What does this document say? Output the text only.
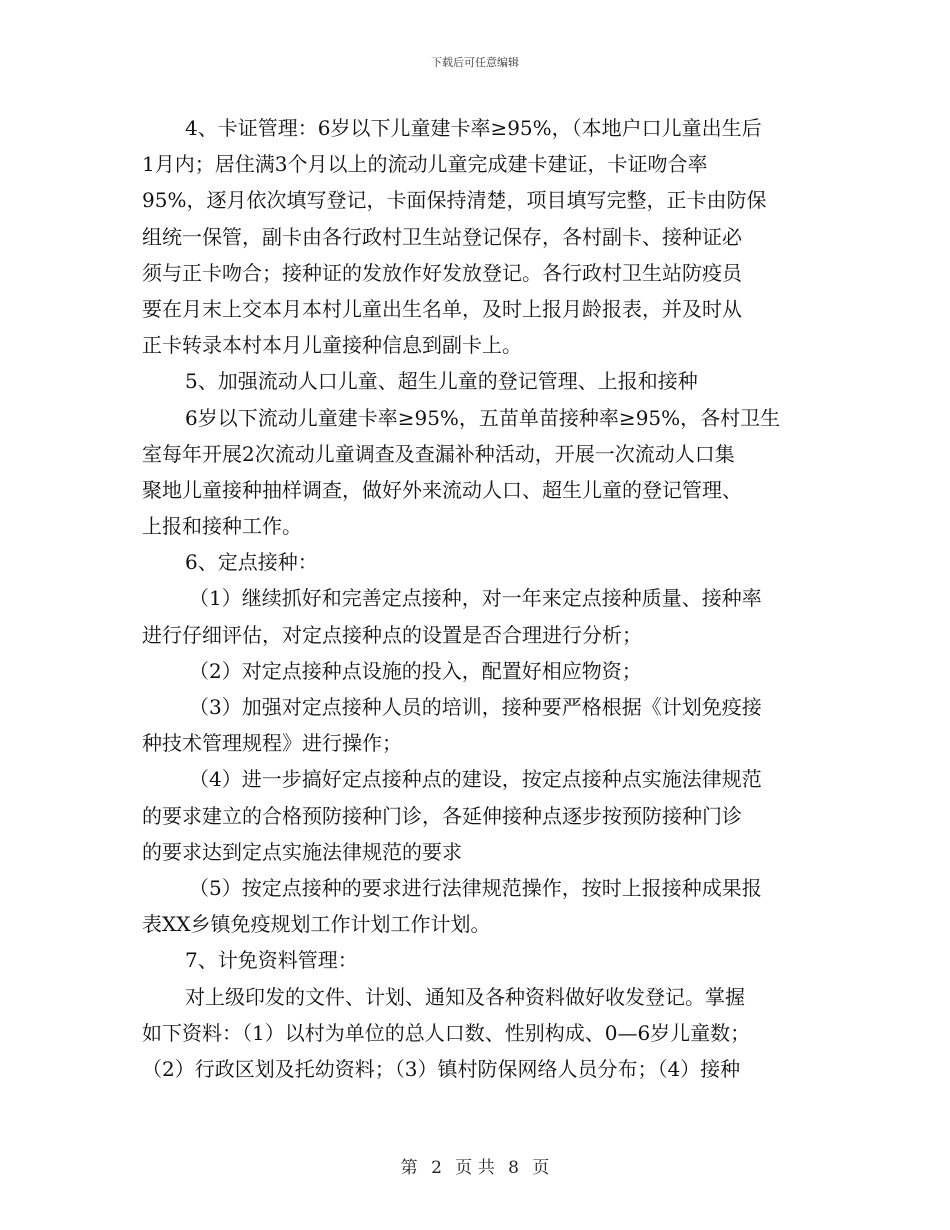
下载后可任意编辑
4、卡证管理：6岁以下儿童建卡率≥95%，（本地户口儿童出生后
1月内；居住满3个月以上的流动儿童完成建卡建证，卡证吻合率
95%，逐月依次填写登记，卡面保持清楚，项目填写完整，正卡由防保
组统一保管，副卡由各行政村卫生站登记保存，各村副卡、接种证必
须与正卡吻合；接种证的发放作好发放登记。各行政村卫生站防疫员
要在月末上交本月本村儿童出生名单，及时上报月龄报表，并及时从
正卡转录本村本月儿童接种信息到副卡上。
5、加强流动人口儿童、超生儿童的登记管理、上报和接种
6岁以下流动儿童建卡率≥95%，五苗单苗接种率≥95%，各村卫生
室每年开展2次流动儿童调查及查漏补种活动，开展一次流动人口集
聚地儿童接种抽样调查，做好外来流动人口、超生儿童的登记管理、
上报和接种工作。
6、定点接种：
（1）继续抓好和完善定点接种，对一年来定点接种质量、接种率
进行仔细评估，对定点接种点的设置是否合理进行分析；
（2）对定点接种点设施的投入，配置好相应物资；
（3）加强对定点接种人员的培训，接种要严格根据《计划免疫接
种技术管理规程》进行操作；
（4）进一步搞好定点接种点的建设，按定点接种点实施法律规范
的要求建立的合格预防接种门诊，各延伸接种点逐步按预防接种门诊
的要求达到定点实施法律规范的要求
（5）按定点接种的要求进行法律规范操作，按时上报接种成果报
表XX乡镇免疫规划工作计划工作计划。
7、计免资料管理：
对上级印发的文件、计划、通知及各种资料做好收发登记。掌握
如下资料：（1）以村为单位的总人口数、性别构成、0—6岁儿童数；
（2）行政区划及托幼资料；（3）镇村防保网络人员分布；（4）接种
第 2 页 共 8 页
